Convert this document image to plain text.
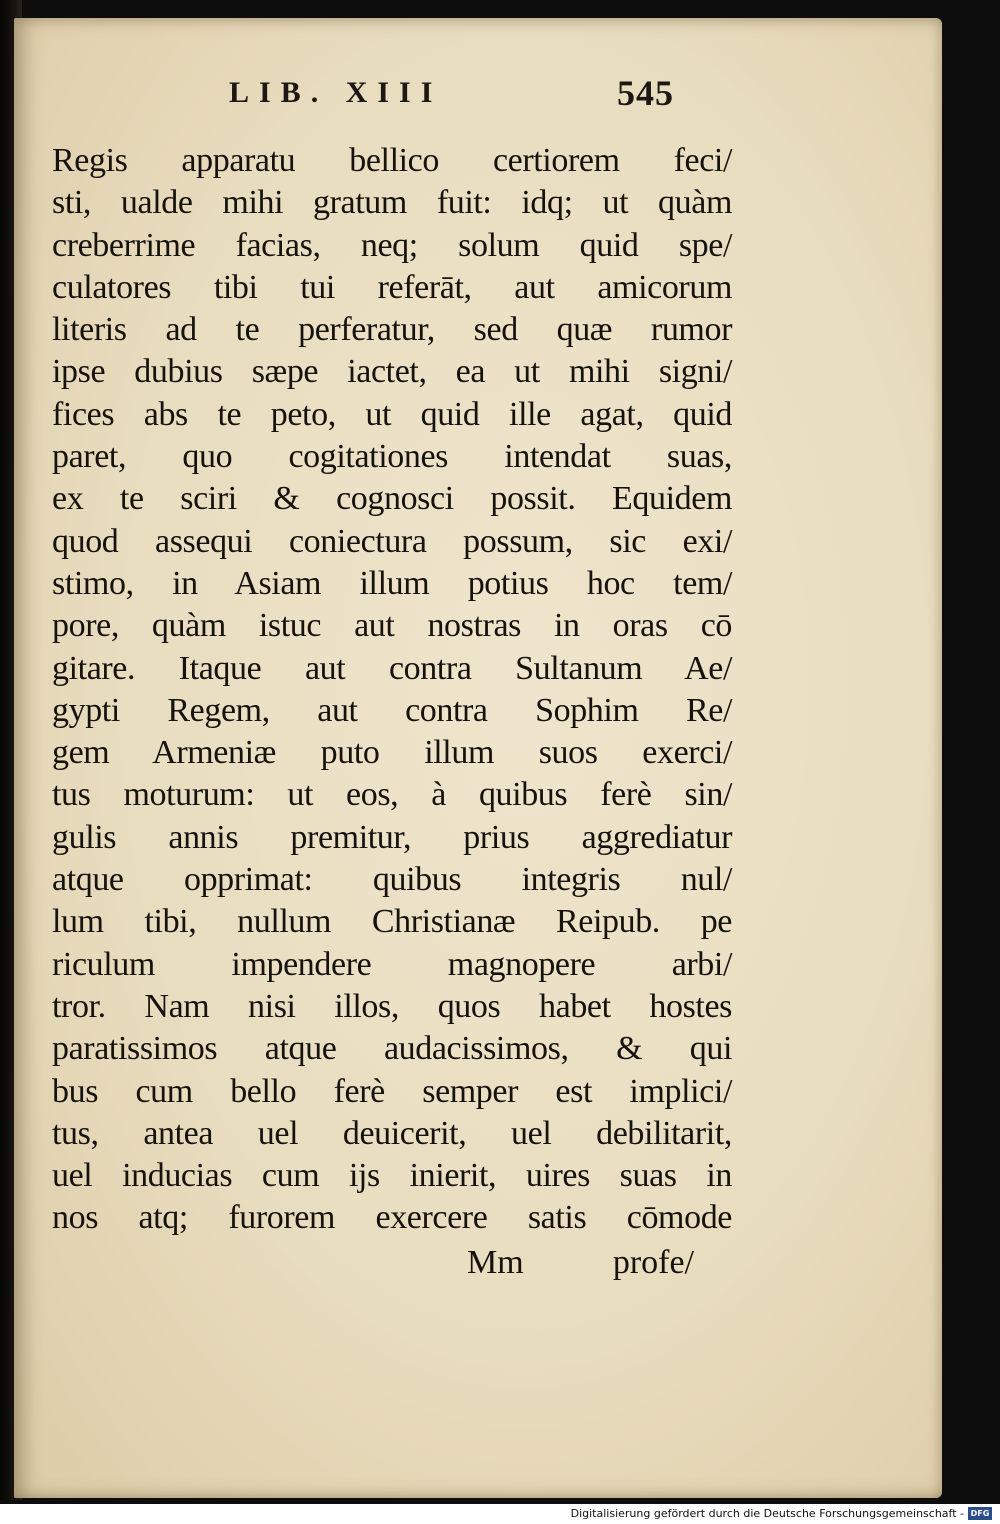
LIB. XIII	545
Regis apparatu bellico certiorem feci/
sti, ualde mihi gratum fuit: idq; ut quàm
creberrime facias, neq; solum quid spe/
culatores tibi tui referāt, aut amicorum
literis ad te perferatur, sed quæ rumor
ipse dubius sæpe iactet, ea ut mihi signi/
fices abs te peto, ut quid ille agat, quid
paret, quo cogitationes intendat suas,
ex te sciri & cognosci possit. Equidem
quod assequi coniectura possum, sic exi/
stimo, in Asiam illum potius hoc tem/
pore, quàm istuc aut nostras in oras cō
gitare. Itaque aut contra Sultanum Ae/
gypti Regem, aut contra Sophim Re/
gem Armeniæ puto illum suos exerci/
tus moturum: ut eos, à quibus ferè sin/
gulis annis premitur, prius aggrediatur
atque opprimat: quibus integris nul/
lum tibi, nullum Christianæ Reipub. pe
riculum impendere magnopere arbi/
tror. Nam nisi illos, quos habet hostes
paratissimos atque audacissimos, & qui
bus cum bello ferè semper est implici/
tus, antea uel deuicerit, uel debilitarit,
uel inducias cum ijs inierit, uires suas in
nos atq; furorem exercere satis cōmode
Mm	profe/
Digitalisierung gefördert durch die Deutsche Forschungsgemeinschaft - DFG
